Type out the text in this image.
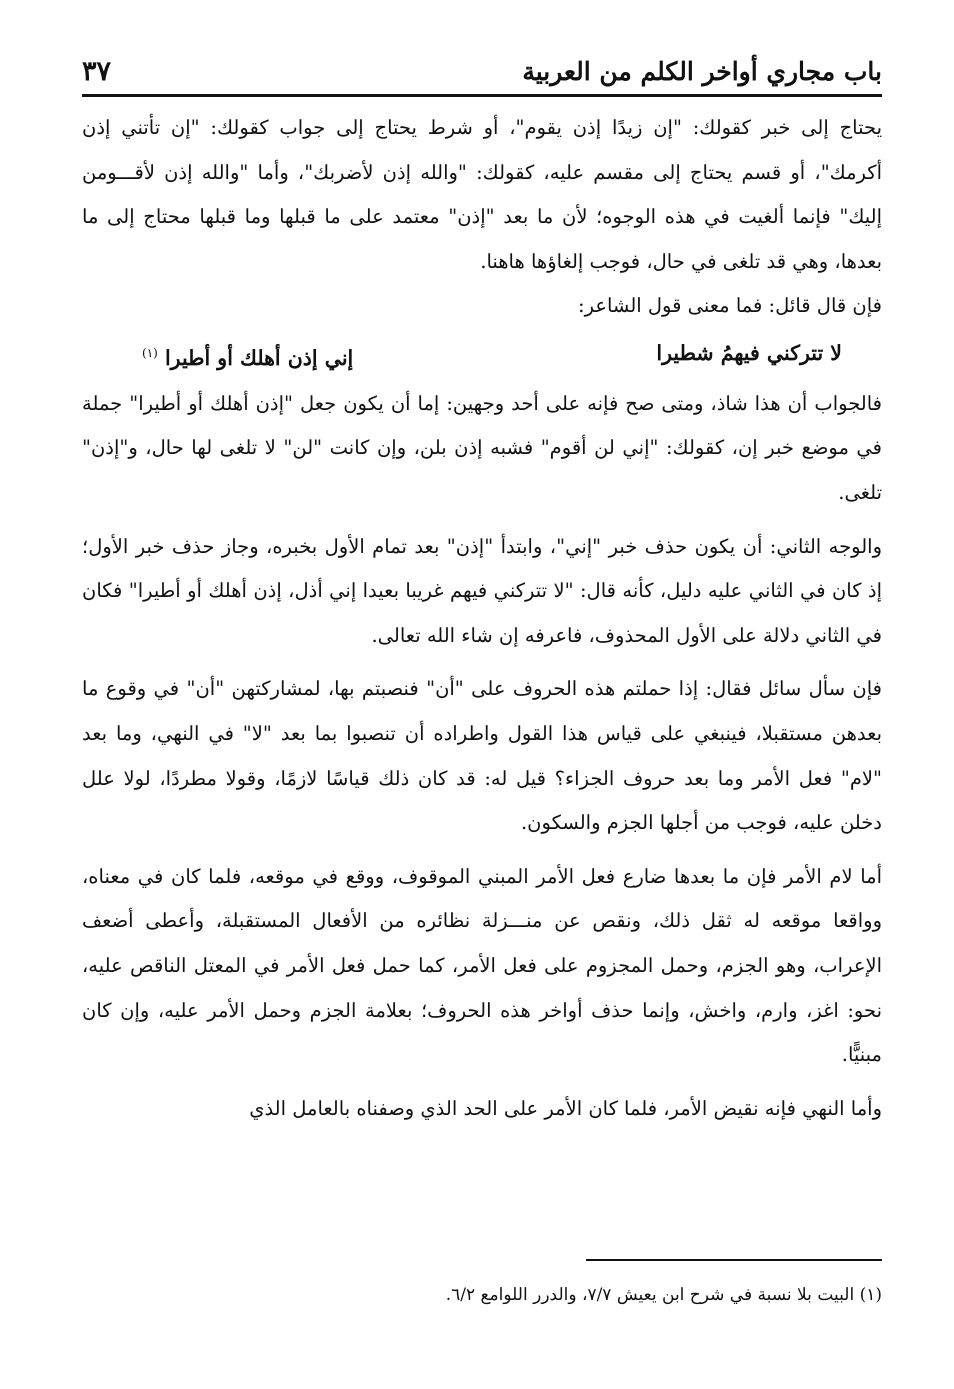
باب مجاري أواخر الكلم من العربية
٣٧

يحتاج إلى خبر كقولك: "إن زيدًا إذن يقوم"، أو شرط يحتاج إلى جواب كقولك: "إن تأتني إذن أكرمك"، أو قسم يحتاج إلى مقسم عليه، كقولك: "والله إذن لأضربك"، وأما "والله إذن لأقـــومن إليك" فإنما ألغيت في هذه الوجوه؛ لأن ما بعد "إذن" معتمد على ما قبلها وما قبلها محتاج إلى ما بعدها، وهي قد تلغى في حال، فوجب إلغاؤها هاهنا.

فإن قال قائل: فما معنى قول الشاعر:

لا تتركني فيهمُ شطيرا
إني إذن أهلك أو أطيرا $^{(١)}$

فالجواب أن هذا شاذ، ومتى صح فإنه على أحد وجهين: إما أن يكون جعل "إذن أهلك أو أطيرا" جملة في موضع خبر إن، كقولك: "إني لن أقوم" فشبه إذن بلن، وإن كانت "لن" لا تلغى لها حال، و"إذن" تلغى.

والوجه الثاني: أن يكون حذف خبر "إني"، وابتدأ "إذن" بعد تمام الأول بخبره، وجاز حذف خبر الأول؛ إذ كان في الثاني عليه دليل، كأنه قال: "لا تتركني فيهم غريبا بعيدا إني أذل، إذن أهلك أو أطيرا" فكان في الثاني دلالة على الأول المحذوف، فاعرفه إن شاء الله تعالى.

فإن سأل سائل فقال: إذا حملتم هذه الحروف على "أن" فنصبتم بها، لمشاركتهن "أن" في وقوع ما بعدهن مستقبلا، فينبغي على قياس هذا القول واطراده أن تنصبوا بما بعد "لا" في النهي، وما بعد "لام" فعل الأمر وما بعد حروف الجزاء؟ قيل له: قد كان ذلك قياسًا لازمًا، وقولا مطردًا، لولا علل دخلن عليه، فوجب من أجلها الجزم والسكون.

أما لام الأمر فإن ما بعدها ضارع فعل الأمر المبني الموقوف، ووقع في موقعه، فلما كان في معناه، وواقعا موقعه له ثقل ذلك، ونقص عن منـــزلة نظائره من الأفعال المستقبلة، وأعطى أضعف الإعراب، وهو الجزم، وحمل المجزوم على فعل الأمر، كما حمل فعل الأمر في المعتل الناقص عليه، نحو: اغز، وارم، واخش، وإنما حذف أواخر هذه الحروف؛ بعلامة الجزم وحمل الأمر عليه، وإن كان مبنيًّا.

وأما النهي فإنه نقيض الأمر، فلما كان الأمر على الحد الذي وصفناه بالعامل الذي

(١) البيت بلا نسبة في شرح ابن يعيش ٧/٧، والدرر اللوامع ٦/٢.
